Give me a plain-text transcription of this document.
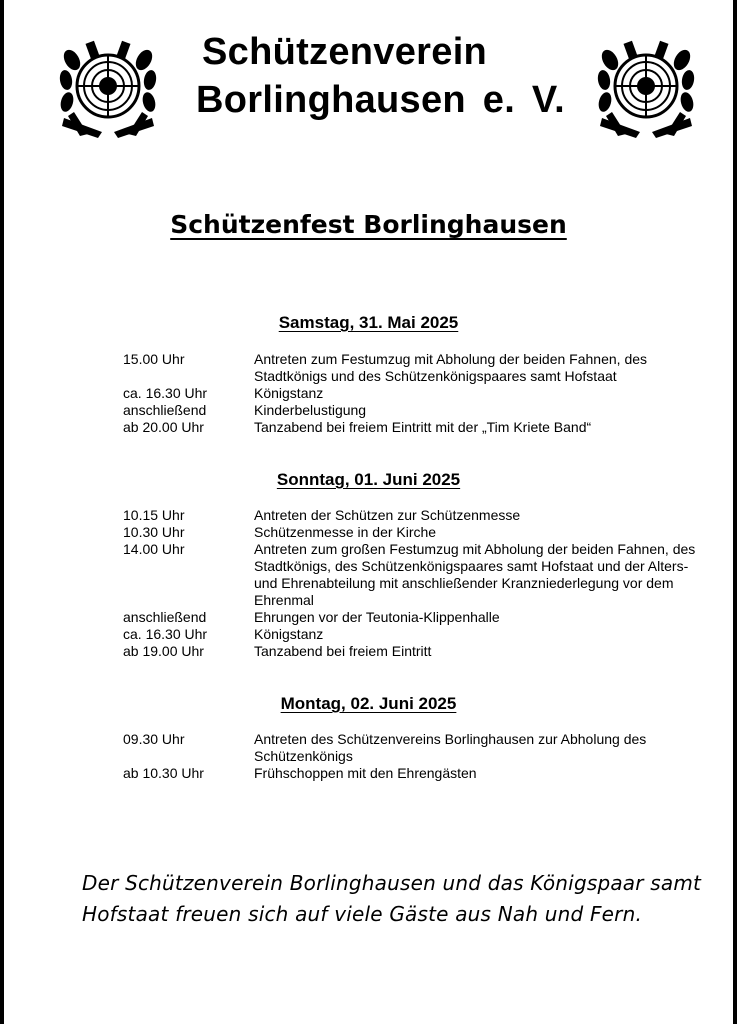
Schützenverein
Borlinghausen e. V.
Schützenfest Borlinghausen
Samstag, 31. Mai 2025
15.00 Uhr	Antreten zum Festumzug mit Abholung der beiden Fahnen, des Stadtkönigs und des Schützenkönigspaares samt Hofstaat
ca. 16.30 Uhr	Königstanz
anschließend	Kinderbelustigung
ab 20.00 Uhr	Tanzabend bei freiem Eintritt mit der „Tim Kriete Band“
Sonntag, 01. Juni 2025
10.15 Uhr	Antreten der Schützen zur Schützenmesse
10.30 Uhr	Schützenmesse in der Kirche
14.00 Uhr	Antreten zum großen Festumzug mit Abholung der beiden Fahnen, des Stadtkönigs, des Schützenkönigspaares samt Hofstaat und der Alters- und Ehrenabteilung mit anschließender Kranzniederlegung vor dem Ehrenmal
anschließend	Ehrungen vor der Teutonia-Klippenhalle
ca. 16.30 Uhr	Königstanz
ab 19.00 Uhr	Tanzabend bei freiem Eintritt
Montag, 02. Juni 2025
09.30 Uhr	Antreten des Schützenvereins Borlinghausen zur Abholung des Schützenkönigs
ab 10.30 Uhr	Frühschoppen mit den Ehrengästen

Der Schützenverein Borlinghausen und das Königspaar samt Hofstaat freuen sich auf viele Gäste aus Nah und Fern.
